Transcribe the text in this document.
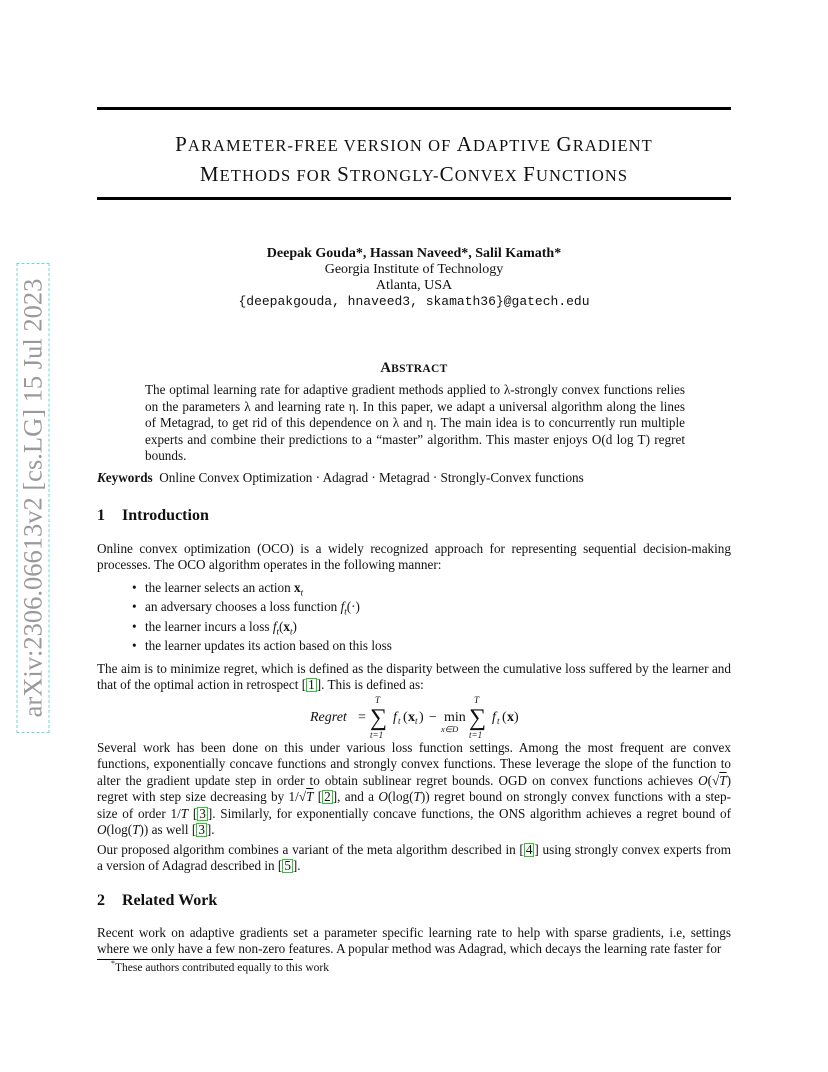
arXiv:2306.06613v2 [cs.LG] 15 Jul 2023
PARAMETER-FREE VERSION OF ADAPTIVE GRADIENT
METHODS FOR STRONGLY-CONVEX FUNCTIONS
Deepak Gouda*, Hassan Naveed*, Salil Kamath*
Georgia Institute of Technology
Atlanta, USA
{deepakgouda, hnaveed3, skamath36}@gatech.edu
ABSTRACT

The optimal learning rate for adaptive gradient methods applied to λ-strongly convex functions relies on the parameters λ and learning rate η. In this paper, we adapt a universal algorithm along the lines of Metagrad, to get rid of this dependence on λ and η. The main idea is to concurrently run multiple experts and combine their predictions to a “master” algorithm. This master enjoys O(d log T) regret bounds.

Keywords Online Convex Optimization · Adagrad · Metagrad · Strongly-Convex functions

1 Introduction

Online convex optimization (OCO) is a widely recognized approach for representing sequential decision-making processes. The OCO algorithm operates in the following manner:

• the learner selects an action $x_t$
• an adversary chooses a loss function $f_t(\cdot)$
• the learner incurs a loss $f_t(x_t)$
• the learner updates its action based on this loss

The aim is to minimize regret, which is defined as the disparity between the cumulative loss suffered by the learner and that of the optimal action in retrospect [ 1 ]. This is defined as:

Regret =
T
∑
t=1
f t ( x t ) − min
x∈D
T
∑
t=1
f t ( x )

Several work has been done on this under various loss function settings. Among the most frequent are convex functions, exponentially concave functions and strongly convex functions. These leverage the slope of the function to alter the gradient update step in order to obtain sublinear regret bounds. OGD on convex functions achieves O(√T) regret with step size decreasing by 1/√T [ 2 ], and a O(log(T)) regret bound on strongly convex functions with a step-size of order 1/T [ 3 ]. Similarly, for exponentially concave functions, the ONS algorithm achieves a regret bound of O(log(T)) as well [ 3 ].

Our proposed algorithm combines a variant of the meta algorithm described in [ 4 ] using strongly convex experts from a version of Adagrad described in [ 5 ].

2 Related Work

Recent work on adaptive gradients set a parameter specific learning rate to help with sparse gradients, i.e, settings where we only have a few non-zero features. A popular method was Adagrad, which decays the learning rate faster for

*These authors contributed equally to this work
